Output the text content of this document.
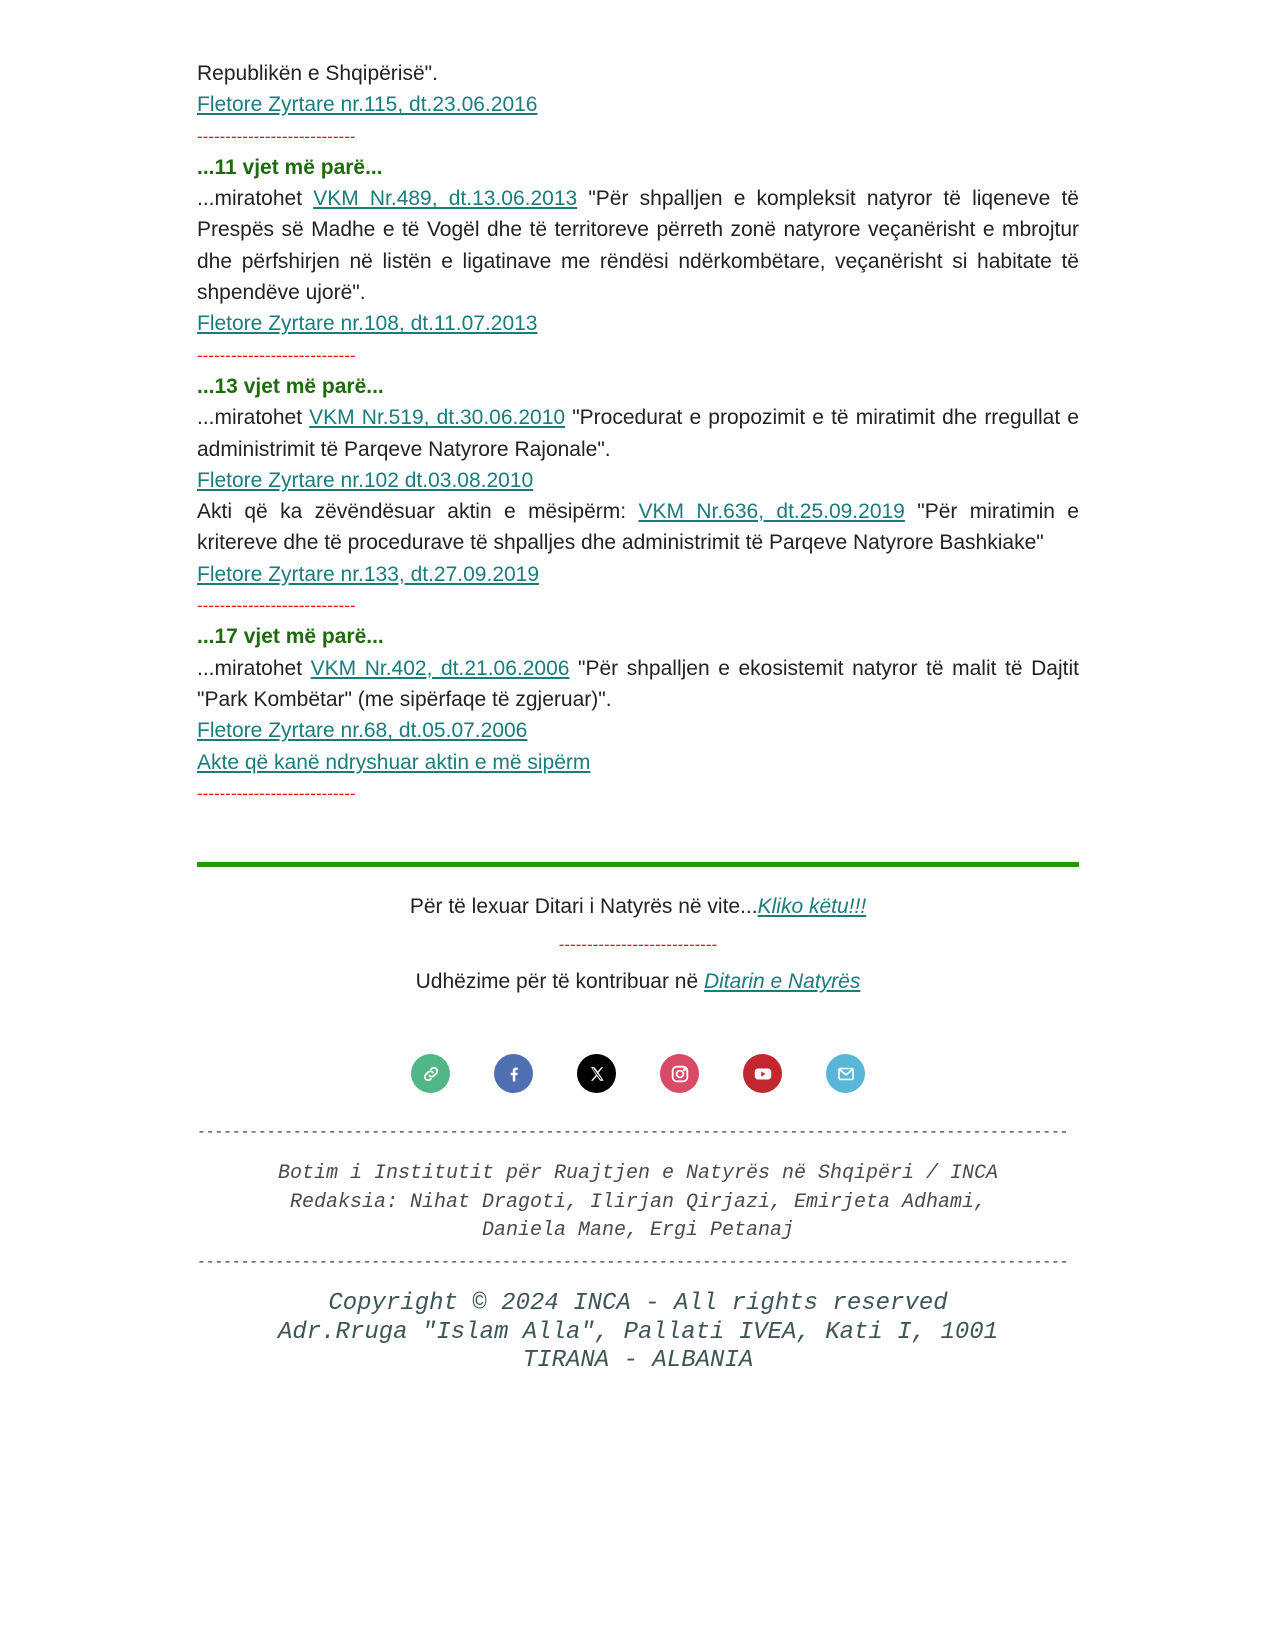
Republikën e Shqipërisë".

Fletore Zyrtare nr.115, dt.23.06.2016

----------------------------

...11 vjet më parë...

...miratohet VKM Nr.489, dt.13.06.2013 "Për shpalljen e kompleksit natyror të liqeneve të Prespës së Madhe e të Vogël dhe të territoreve përreth zonë natyrore veçanërisht e mbrojtur dhe përfshirjen në listën e ligatinave me rëndësi ndërkombëtare, veçanërisht si habitate të shpendëve ujorë".

Fletore Zyrtare nr.108, dt.11.07.2013

----------------------------

...13 vjet më parë...

...miratohet VKM Nr.519, dt.30.06.2010 "Procedurat e propozimit e të miratimit dhe rregullat e administrimit të Parqeve Natyrore Rajonale".

Fletore Zyrtare nr.102 dt.03.08.2010

Akti që ka zëvëndësuar aktin e mësipërm: VKM Nr.636, dt.25.09.2019 "Për miratimin e kritereve dhe të procedurave të shpalljes dhe administrimit të Parqeve Natyrore Bashkiake"

Fletore Zyrtare nr.133, dt.27.09.2019

----------------------------

...17 vjet më parë...

...miratohet VKM Nr.402, dt.21.06.2006 "Për shpalljen e ekosistemit natyror të malit të Dajtit "Park Kombëtar" (me sipërfaqe të zgjeruar)".

Fletore Zyrtare nr.68, dt.05.07.2006

Akte që kanë ndryshuar aktin e më sipërm

----------------------------

Për të lexuar Ditari i Natyrës në vite...Kliko këtu!!!
----------------------------
Udhëzime për të kontribuar në Ditarin e Natyrës
----------------------------------------------------------------------------------------------------
Botim i Institutit për Ruajtjen e Natyrës në Shqipëri / INCA
Redaksia: Nihat Dragoti, Ilirjan Qirjazi, Emirjeta Adhami,
Daniela Mane, Ergi Petanaj
----------------------------------------------------------------------------------------------------
Copyright © 2024 INCA - All rights reserved
Adr.Rruga "Islam Alla", Pallati IVEA, Kati I, 1001
TIRANA - ALBANIA
